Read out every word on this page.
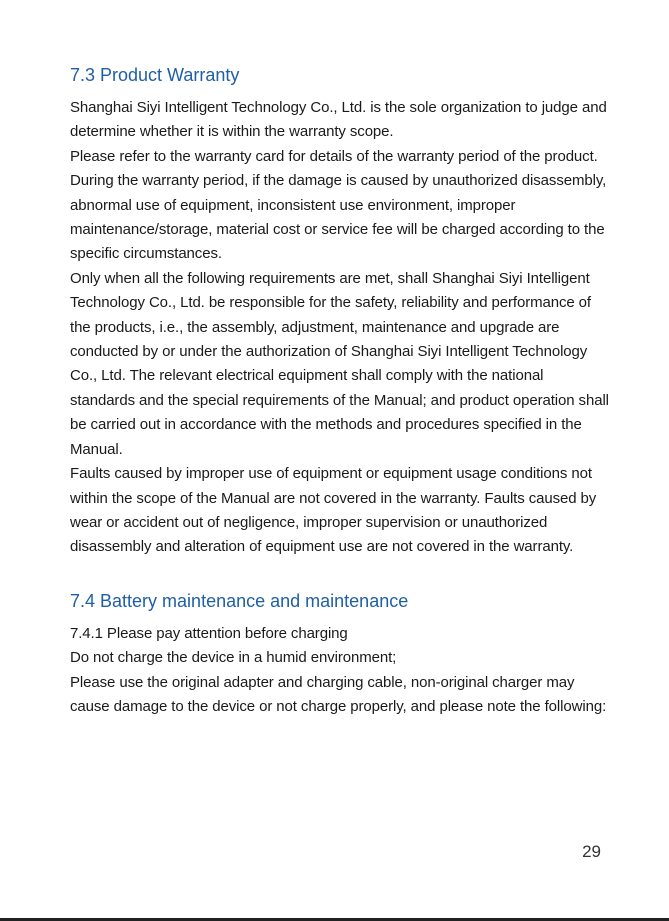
7.3 Product Warranty

Shanghai Siyi Intelligent Technology Co., Ltd. is the sole organization to judge and determine whether it is within the warranty scope.

Please refer to the warranty card for details of the warranty period of the product. During the warranty period, if the damage is caused by unauthorized disassembly, abnormal use of equipment, inconsistent use environment, improper maintenance/storage, material cost or service fee will be charged according to the specific circumstances.

Only when all the following requirements are met, shall Shanghai Siyi Intelligent Technology Co., Ltd. be responsible for the safety, reliability and performance of the products, i.e., the assembly, adjustment, maintenance and upgrade are conducted by or under the authorization of Shanghai Siyi Intelligent Technology Co., Ltd. The relevant electrical equipment shall comply with the national standards and the special requirements of the Manual; and product operation shall be carried out in accordance with the methods and procedures specified in the Manual.

Faults caused by improper use of equipment or equipment usage conditions not within the scope of the Manual are not covered in the warranty. Faults caused by wear or accident out of negligence, improper supervision or unauthorized disassembly and alteration of equipment use are not covered in the warranty.

7.4 Battery maintenance and maintenance

7.4.1 Please pay attention before charging

Do not charge the device in a humid environment;

Please use the original adapter and charging cable, non-original charger may cause damage to the device or not charge properly, and please note the following:

29
